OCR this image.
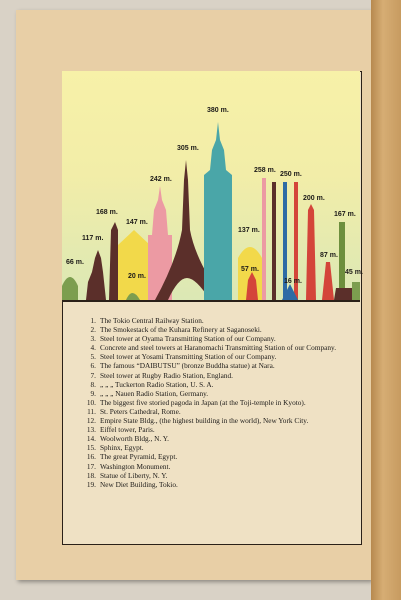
66 m.
117 m.
168 m.
147 m.
20 m.
242 m.
305 m.
380 m.
137 m.
57 m.
258 m.
250 m.
16 m.
200 m.
87 m.
167 m.
45 m.
1. The Tokio Central Railway Station.
2. The Smokestack of the Kuhara Refinery at Saganoseki.
3. Steel tower at Oyama Transmitting Station of our Company.
4. Concrete and steel towers at Haranomachi Transmitting Station of our Company.
5. Steel tower at Yosami Transmitting Station of our Company.
6. The famous “DAIBUTSU” (bronze Buddha statue) at Nara.
7. Steel tower at Rugby Radio Station, England.
8. „ „ „ Tuckerton Radio Station, U. S. A.
9. „ „ „ Nauen Radio Station, Germany.
10. The biggest five storied pagoda in Japan (at the Toji-temple in Kyoto).
11. St. Peters Cathedral, Rome.
12. Empire State Bldg., (the highest building in the world), New York City.
13. Eiffel tower, Paris.
14. Woolworth Bldg., N. Y.
15. Sphinx, Egypt.
16. The great Pyramid, Egypt.
17. Washington Monument.
18. Statue of Liberty, N. Y.
19. New Diet Building, Tokio.
